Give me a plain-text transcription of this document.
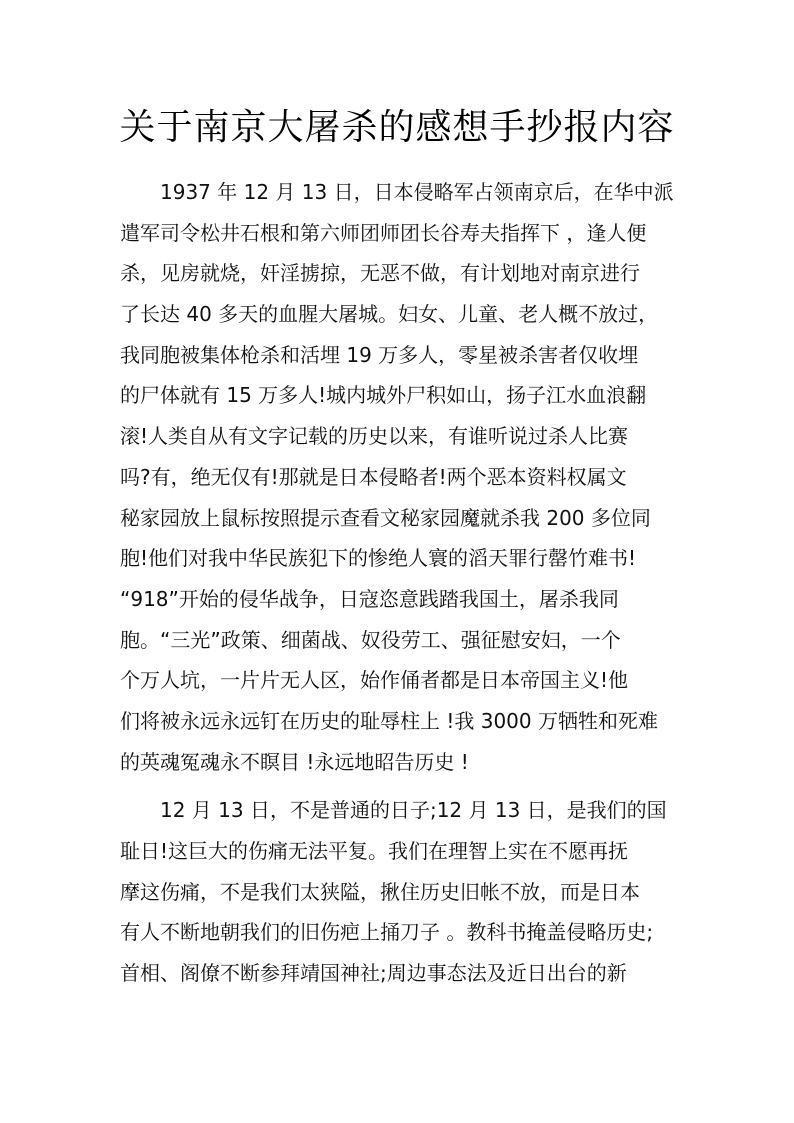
关于南京大屠杀的感想手抄报内容
　　1937 年 12 月 13 日，日本侵略军占领南京后，在华中派
遣军司令松井石根和第六师团师团长谷寿夫指挥下 ，逢人便
杀，见房就烧，奸淫掳掠，无恶不做，有计划地对南京进行
了长达 40 多天的血腥大屠城。妇女、儿童、老人概不放过，
我同胞被集体枪杀和活埋 19 万多人，零星被杀害者仅收埋
的尸体就有 15 万多人!城内城外尸积如山，扬子江水血浪翻
滚!人类自从有文字记载的历史以来，有谁听说过杀人比赛
吗?有，绝无仅有!那就是日本侵略者!两个恶本资料权属文
秘家园放上鼠标按照提示查看文秘家园魔就杀我 200 多位同
胞!他们对我中华民族犯下的惨绝人寰的滔天罪行罄竹难书!
“918”开始的侵华战争，日寇恣意践踏我国土，屠杀我同
胞。“三光”政策、细菌战、奴役劳工、强征慰安妇，一个
个万人坑，一片片无人区，始作俑者都是日本帝国主义!他
们将被永远永远钉在历史的耻辱柱上 !我 3000 万牺牲和死难
的英魂冤魂永不瞑目 !永远地昭告历史 !
　　12 月 13 日，不是普通的日子;12 月 13 日，是我们的国
耻日!这巨大的伤痛无法平复。我们在理智上实在不愿再抚
摩这伤痛，不是我们太狭隘，揪住历史旧帐不放，而是日本
有人不断地朝我们的旧伤疤上捅刀子 。教科书掩盖侵略历史;
首相、阁僚不断参拜靖国神社;周边事态法及近日出台的新
